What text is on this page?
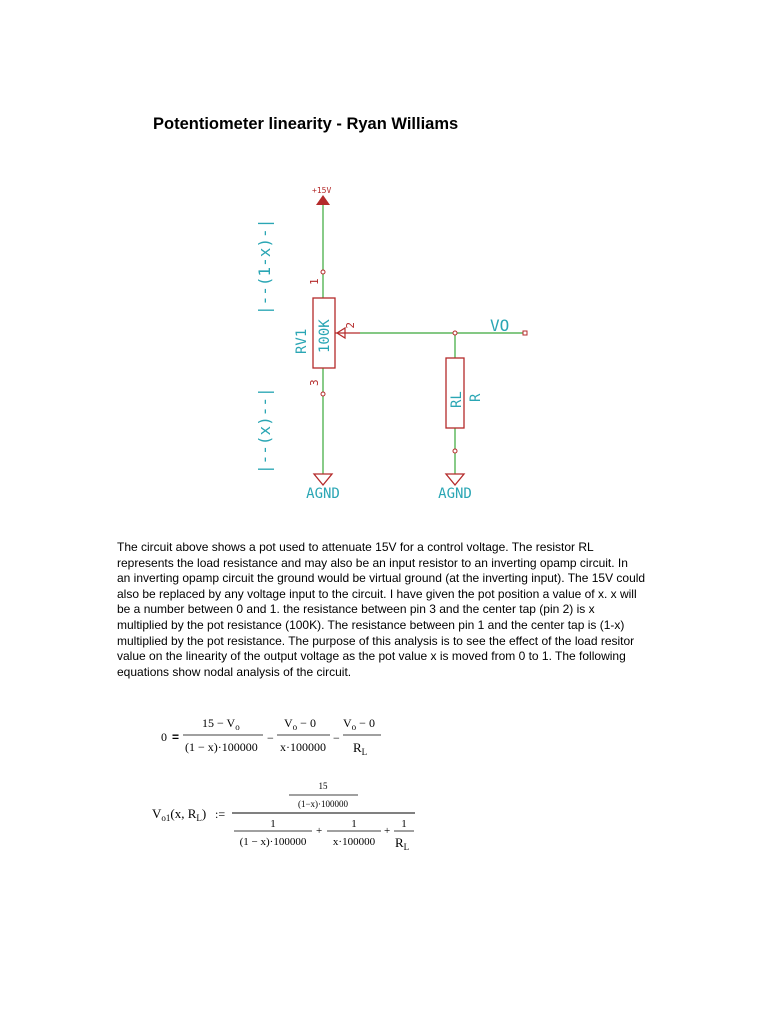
Potentiometer linearity - Ryan Williams
+15V
1
2
3
RV1 100K
RL R
VO
AGND	AGND
|--(x)--|
|--(1-x)-|
0 =
$15 - V_o$
(1 − x)·100000
−
$V_o - 0$
x·100000
−
$V_o - 0$
$R_L$
$V_{o1}(x$, $R_L$) :=
15
(1−x)·100000
1
(1 − x)·100000
+
1
x·100000
+
1
$R_L$
The circuit above shows a pot used to attenuate 15V for a control voltage. The resistor RL
represents the load resistance and may also be an input resistor to an inverting opamp circuit. In
an inverting opamp circuit the ground would be virtual ground (at the inverting input). The 15V could
also be replaced by any voltage input to the circuit. I have given the pot position a value of x. x will
be a number between 0 and 1. the resistance between pin 3 and the center tap (pin 2) is x
multiplied by the pot resistance (100K). The resistance between pin 1 and the center tap is (1-x)
multiplied by the pot resistance. The purpose of this analysis is to see the effect of the load resitor
value on the linearity of the output voltage as the pot value x is moved from 0 to 1. The following
equations show nodal analysis of the circuit.
